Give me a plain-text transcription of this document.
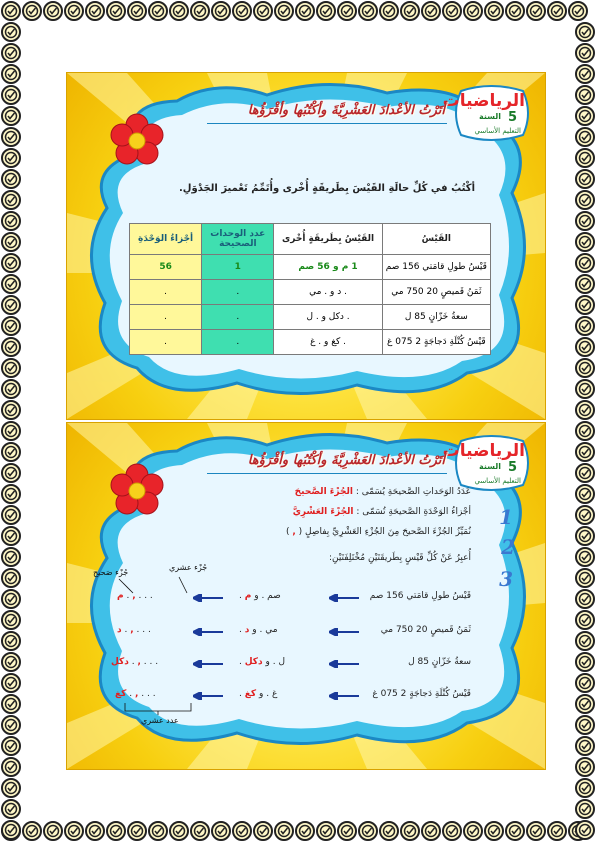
الرياضيات
السنة 5
التعليم الأساسي
أتَرْتُ الأعْدادَ العَشْرِيَّةَ وأكْتُبُها وأقْرَؤُها
أكْتُبُ في كُلِّ حالَةِ القَيْسَ بِطَريقَةٍ أُخْرى وأُتَمِّمُ تَعْميرَ الجَدْوَلِ.
القَيْسُ	القَيْسُ بِطَريقَةٍ أُخْرى	عدد الوحدات الصحيحة	أجْزاءُ الوَحْدَةِ
قَيْسُ طولِ قامَتي 156 صم	1 م و 56 صم	1	56
ثَمَنُ قَميصٍ 20 750 مي	. د و . مي	.	.
سعةُ خَزّانٍ 85 ل	. دكل و . ل	.	.
قَيْسُ كُتْلَةِ دَجاجَةٍ 2 075 غ	. كغ و . غ	.	.
الرياضيات
السنة 5
التعليم الأساسي
أتَرْتُ الأعْدادَ العَشْرِيَّةَ وأكْتُبُها وأقْرَؤُها
عَدَدُ الوَحَداتِ الصَّحيحَةِ يُسَمّى : الجُزْءَ الصَّحيحَ
أجْزاءُ الوَحْدَةِ الصَّحيحَةِ تُسَمّى : الجُزْءَ العَشْرِيَّ
نُمَيِّزُ الجُزْءَ الصَّحيحَ مِنَ الجُزْءِ العَشْرِيِّ بِفاصِلٍ ( , )
أُعبِرُ عَنْ كُلِّ قَيْسٍ بِطَريقَتَيْنِ مُخْتَلِفَتَيْنِ:
1
2
3
جُزْء عشري
جُزْء صَحيح
قَيْسُ طولِ قامَتي 156 صم
صم . و م .
م . , . . .
ثَمَنُ قَميصٍ 20 750 مي
مي . و د .
د . , . . .
سعةُ خَزّانٍ 85 ل
ل . و دكل .
دكل . , . . .
قَيْسُ كُتْلَةِ دَجاجَةٍ 2 075 غ
غ . و كغ .
كغ . , . . .
عدد عشري
